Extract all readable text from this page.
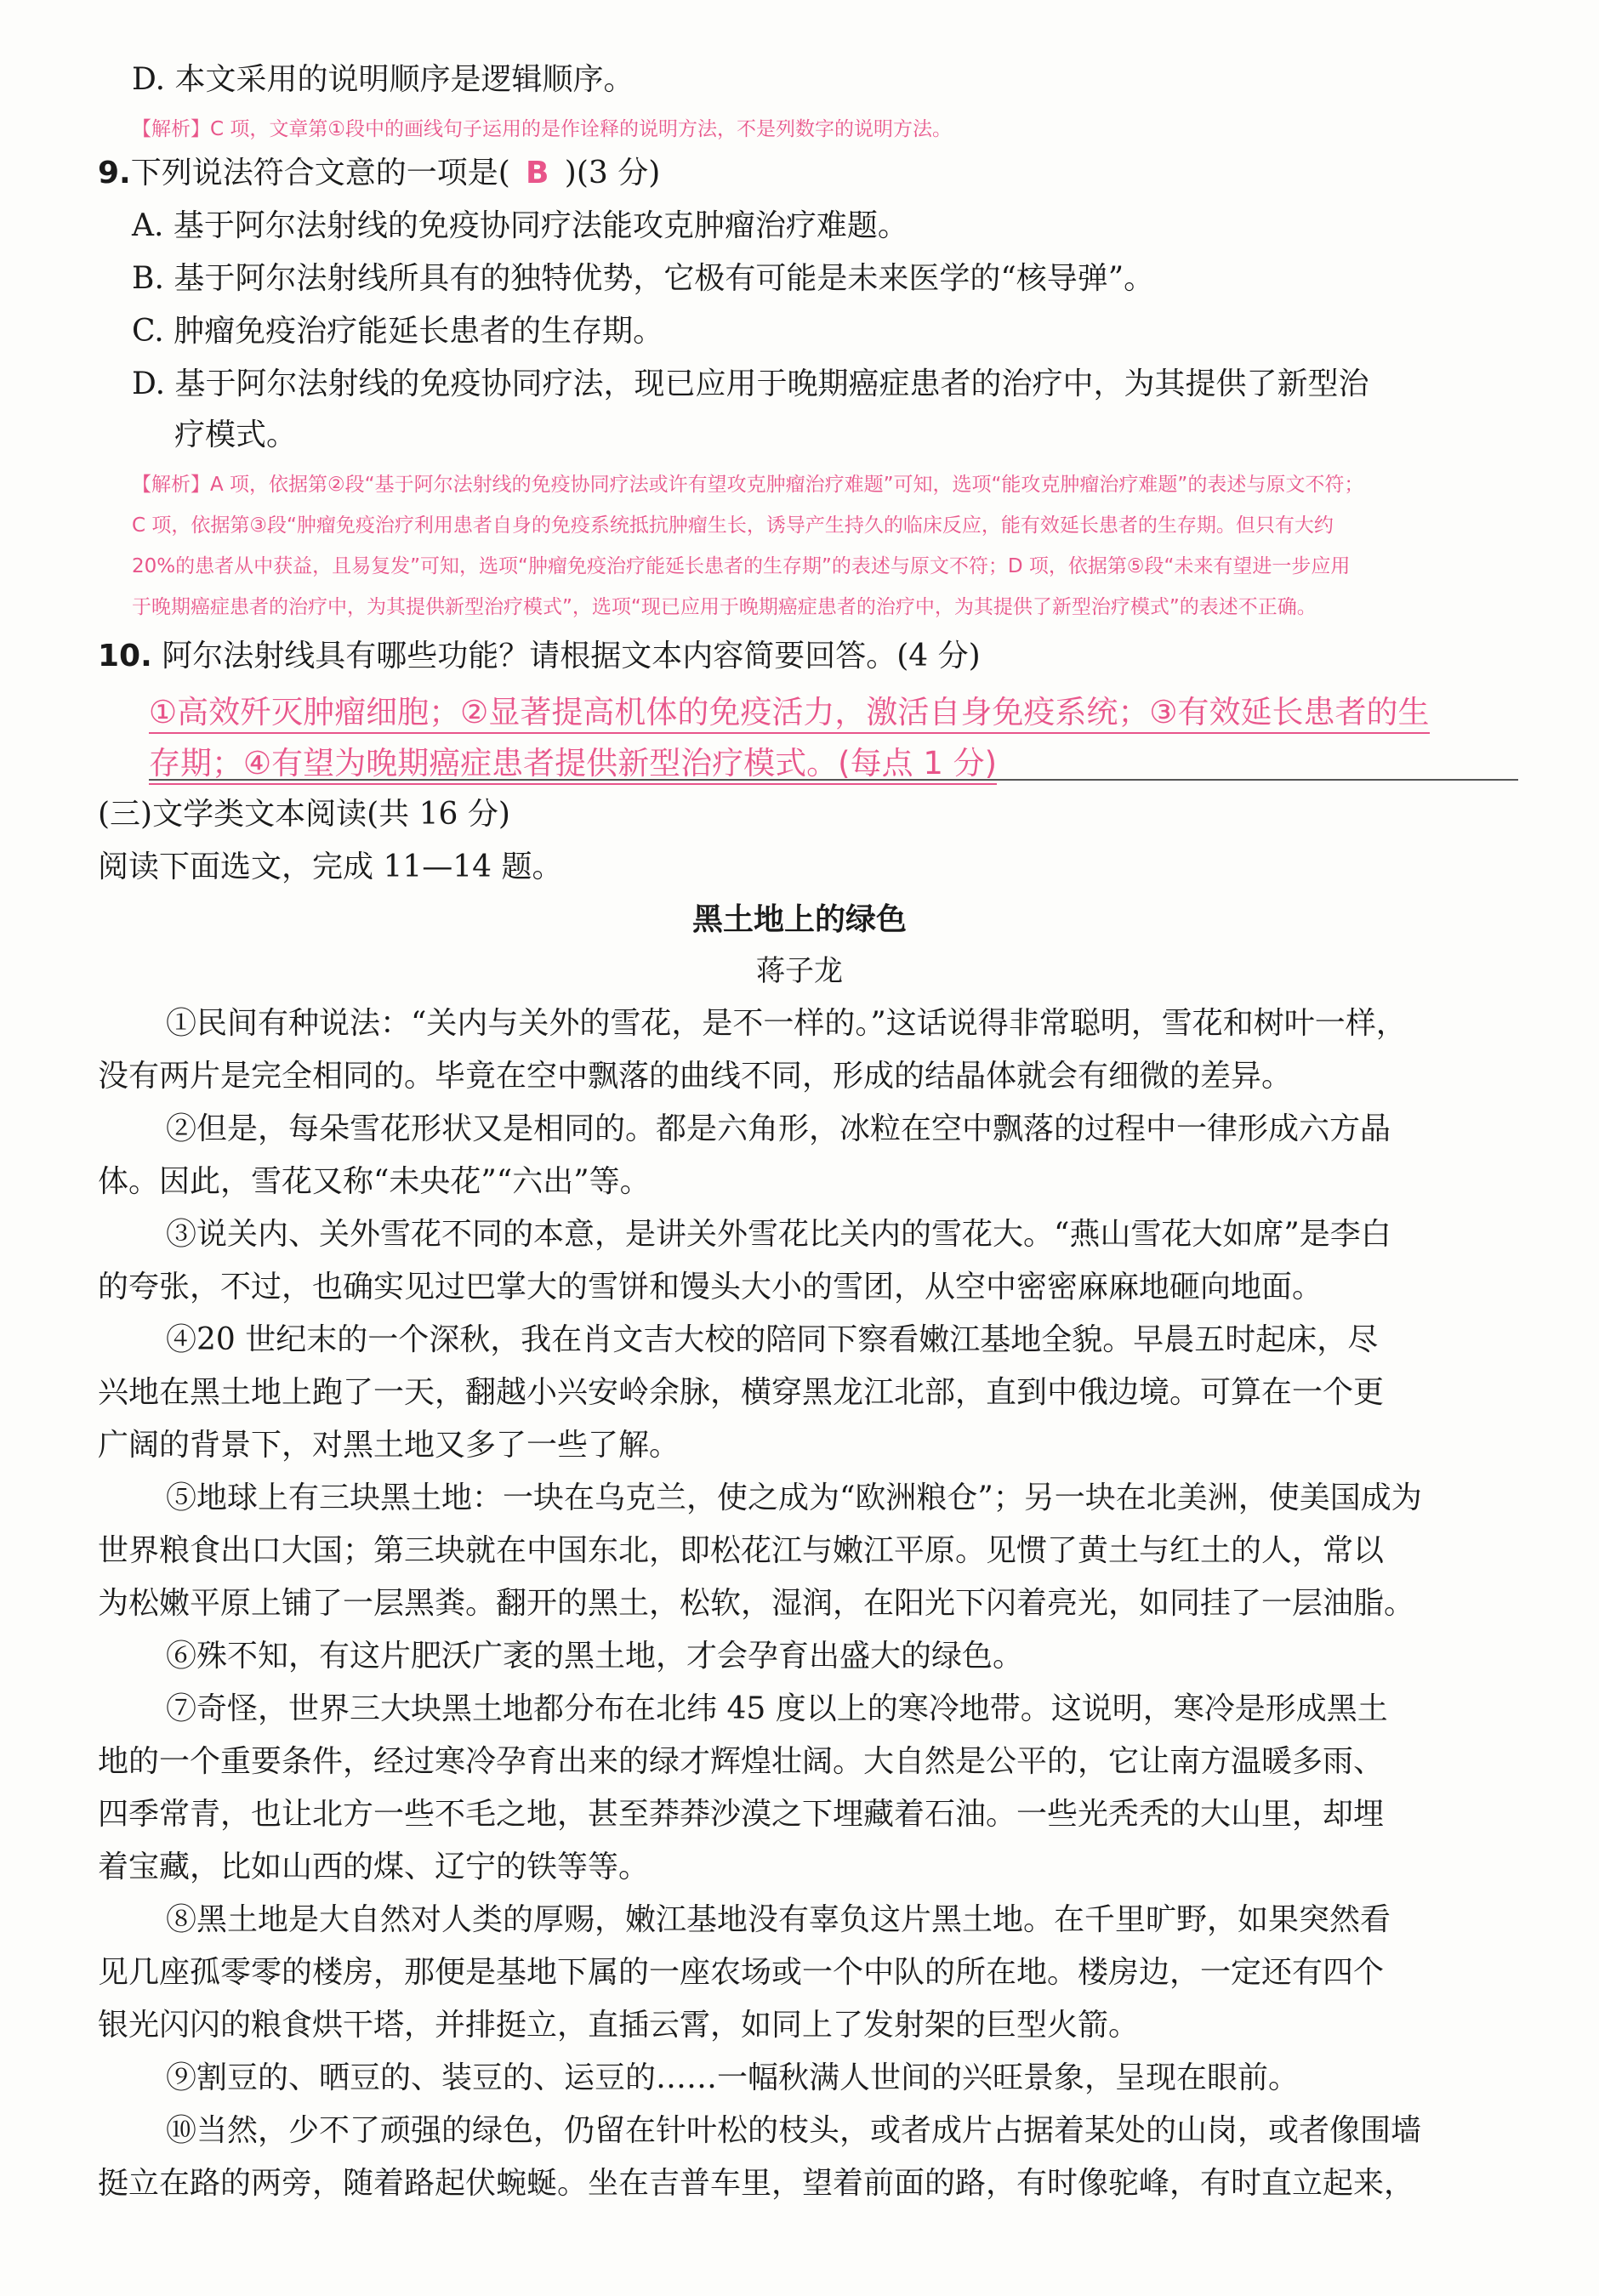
D. 本文采用的说明顺序是逻辑顺序。
【解析】C 项，文章第①段中的画线句子运用的是作诠释的说明方法，不是列数字的说明方法。
9.下列说法符合文意的一项是( B )(3 分)
A. 基于阿尔法射线的免疫协同疗法能攻克肿瘤治疗难题。
B. 基于阿尔法射线所具有的独特优势，它极有可能是未来医学的“核导弹”。
C. 肿瘤免疫治疗能延长患者的生存期。
D. 基于阿尔法射线的免疫协同疗法，现已应用于晚期癌症患者的治疗中，为其提供了新型治
疗模式。
【解析】A 项，依据第②段“基于阿尔法射线的免疫协同疗法或许有望攻克肿瘤治疗难题”可知，选项“能攻克肿瘤治疗难题”的表述与原文不符；
C 项，依据第③段“肿瘤免疫治疗利用患者自身的免疫系统抵抗肿瘤生长，诱导产生持久的临床反应，能有效延长患者的生存期。但只有大约
20%的患者从中获益，且易复发”可知，选项“肿瘤免疫治疗能延长患者的生存期”的表述与原文不符；D 项，依据第⑤段“未来有望进一步应用
于晚期癌症患者的治疗中，为其提供新型治疗模式”，选项“现已应用于晚期癌症患者的治疗中，为其提供了新型治疗模式”的表述不正确。
10. 阿尔法射线具有哪些功能？请根据文本内容简要回答。(4 分)
①高效歼灭肿瘤细胞；②显著提高机体的免疫活力，激活自身免疫系统；③有效延长患者的生
存期；④有望为晚期癌症患者提供新型治疗模式。(每点 1 分)
(三)文学类文本阅读(共 16 分)
阅读下面选文，完成 11—14 题。
黑土地上的绿色
蒋子龙
①民间有种说法：“关内与关外的雪花，是不一样的。”这话说得非常聪明，雪花和树叶一样，
没有两片是完全相同的。毕竟在空中飘落的曲线不同，形成的结晶体就会有细微的差异。
②但是，每朵雪花形状又是相同的。都是六角形，冰粒在空中飘落的过程中一律形成六方晶
体。因此，雪花又称“未央花”“六出”等。
③说关内、关外雪花不同的本意，是讲关外雪花比关内的雪花大。“燕山雪花大如席”是李白
的夸张，不过，也确实见过巴掌大的雪饼和馒头大小的雪团，从空中密密麻麻地砸向地面。
④20 世纪末的一个深秋，我在肖文吉大校的陪同下察看嫩江基地全貌。早晨五时起床，尽
兴地在黑土地上跑了一天，翻越小兴安岭余脉，横穿黑龙江北部，直到中俄边境。可算在一个更
广阔的背景下，对黑土地又多了一些了解。
⑤地球上有三块黑土地：一块在乌克兰，使之成为“欧洲粮仓”；另一块在北美洲，使美国成为
世界粮食出口大国；第三块就在中国东北，即松花江与嫩江平原。见惯了黄土与红土的人，常以
为松嫩平原上铺了一层黑粪。翻开的黑土，松软，湿润，在阳光下闪着亮光，如同挂了一层油脂。
⑥殊不知，有这片肥沃广袤的黑土地，才会孕育出盛大的绿色。
⑦奇怪，世界三大块黑土地都分布在北纬 45 度以上的寒冷地带。这说明，寒冷是形成黑土
地的一个重要条件，经过寒冷孕育出来的绿才辉煌壮阔。大自然是公平的，它让南方温暖多雨、
四季常青，也让北方一些不毛之地，甚至莽莽沙漠之下埋藏着石油。一些光秃秃的大山里，却埋
着宝藏，比如山西的煤、辽宁的铁等等。
⑧黑土地是大自然对人类的厚赐，嫩江基地没有辜负这片黑土地。在千里旷野，如果突然看
见几座孤零零的楼房，那便是基地下属的一座农场或一个中队的所在地。楼房边，一定还有四个
银光闪闪的粮食烘干塔，并排挺立，直插云霄，如同上了发射架的巨型火箭。
⑨割豆的、晒豆的、装豆的、运豆的……一幅秋满人世间的兴旺景象，呈现在眼前。
⑩当然，少不了顽强的绿色，仍留在针叶松的枝头，或者成片占据着某处的山岗，或者像围墙
挺立在路的两旁，随着路起伏蜿蜒。坐在吉普车里，望着前面的路，有时像驼峰，有时直立起来，
